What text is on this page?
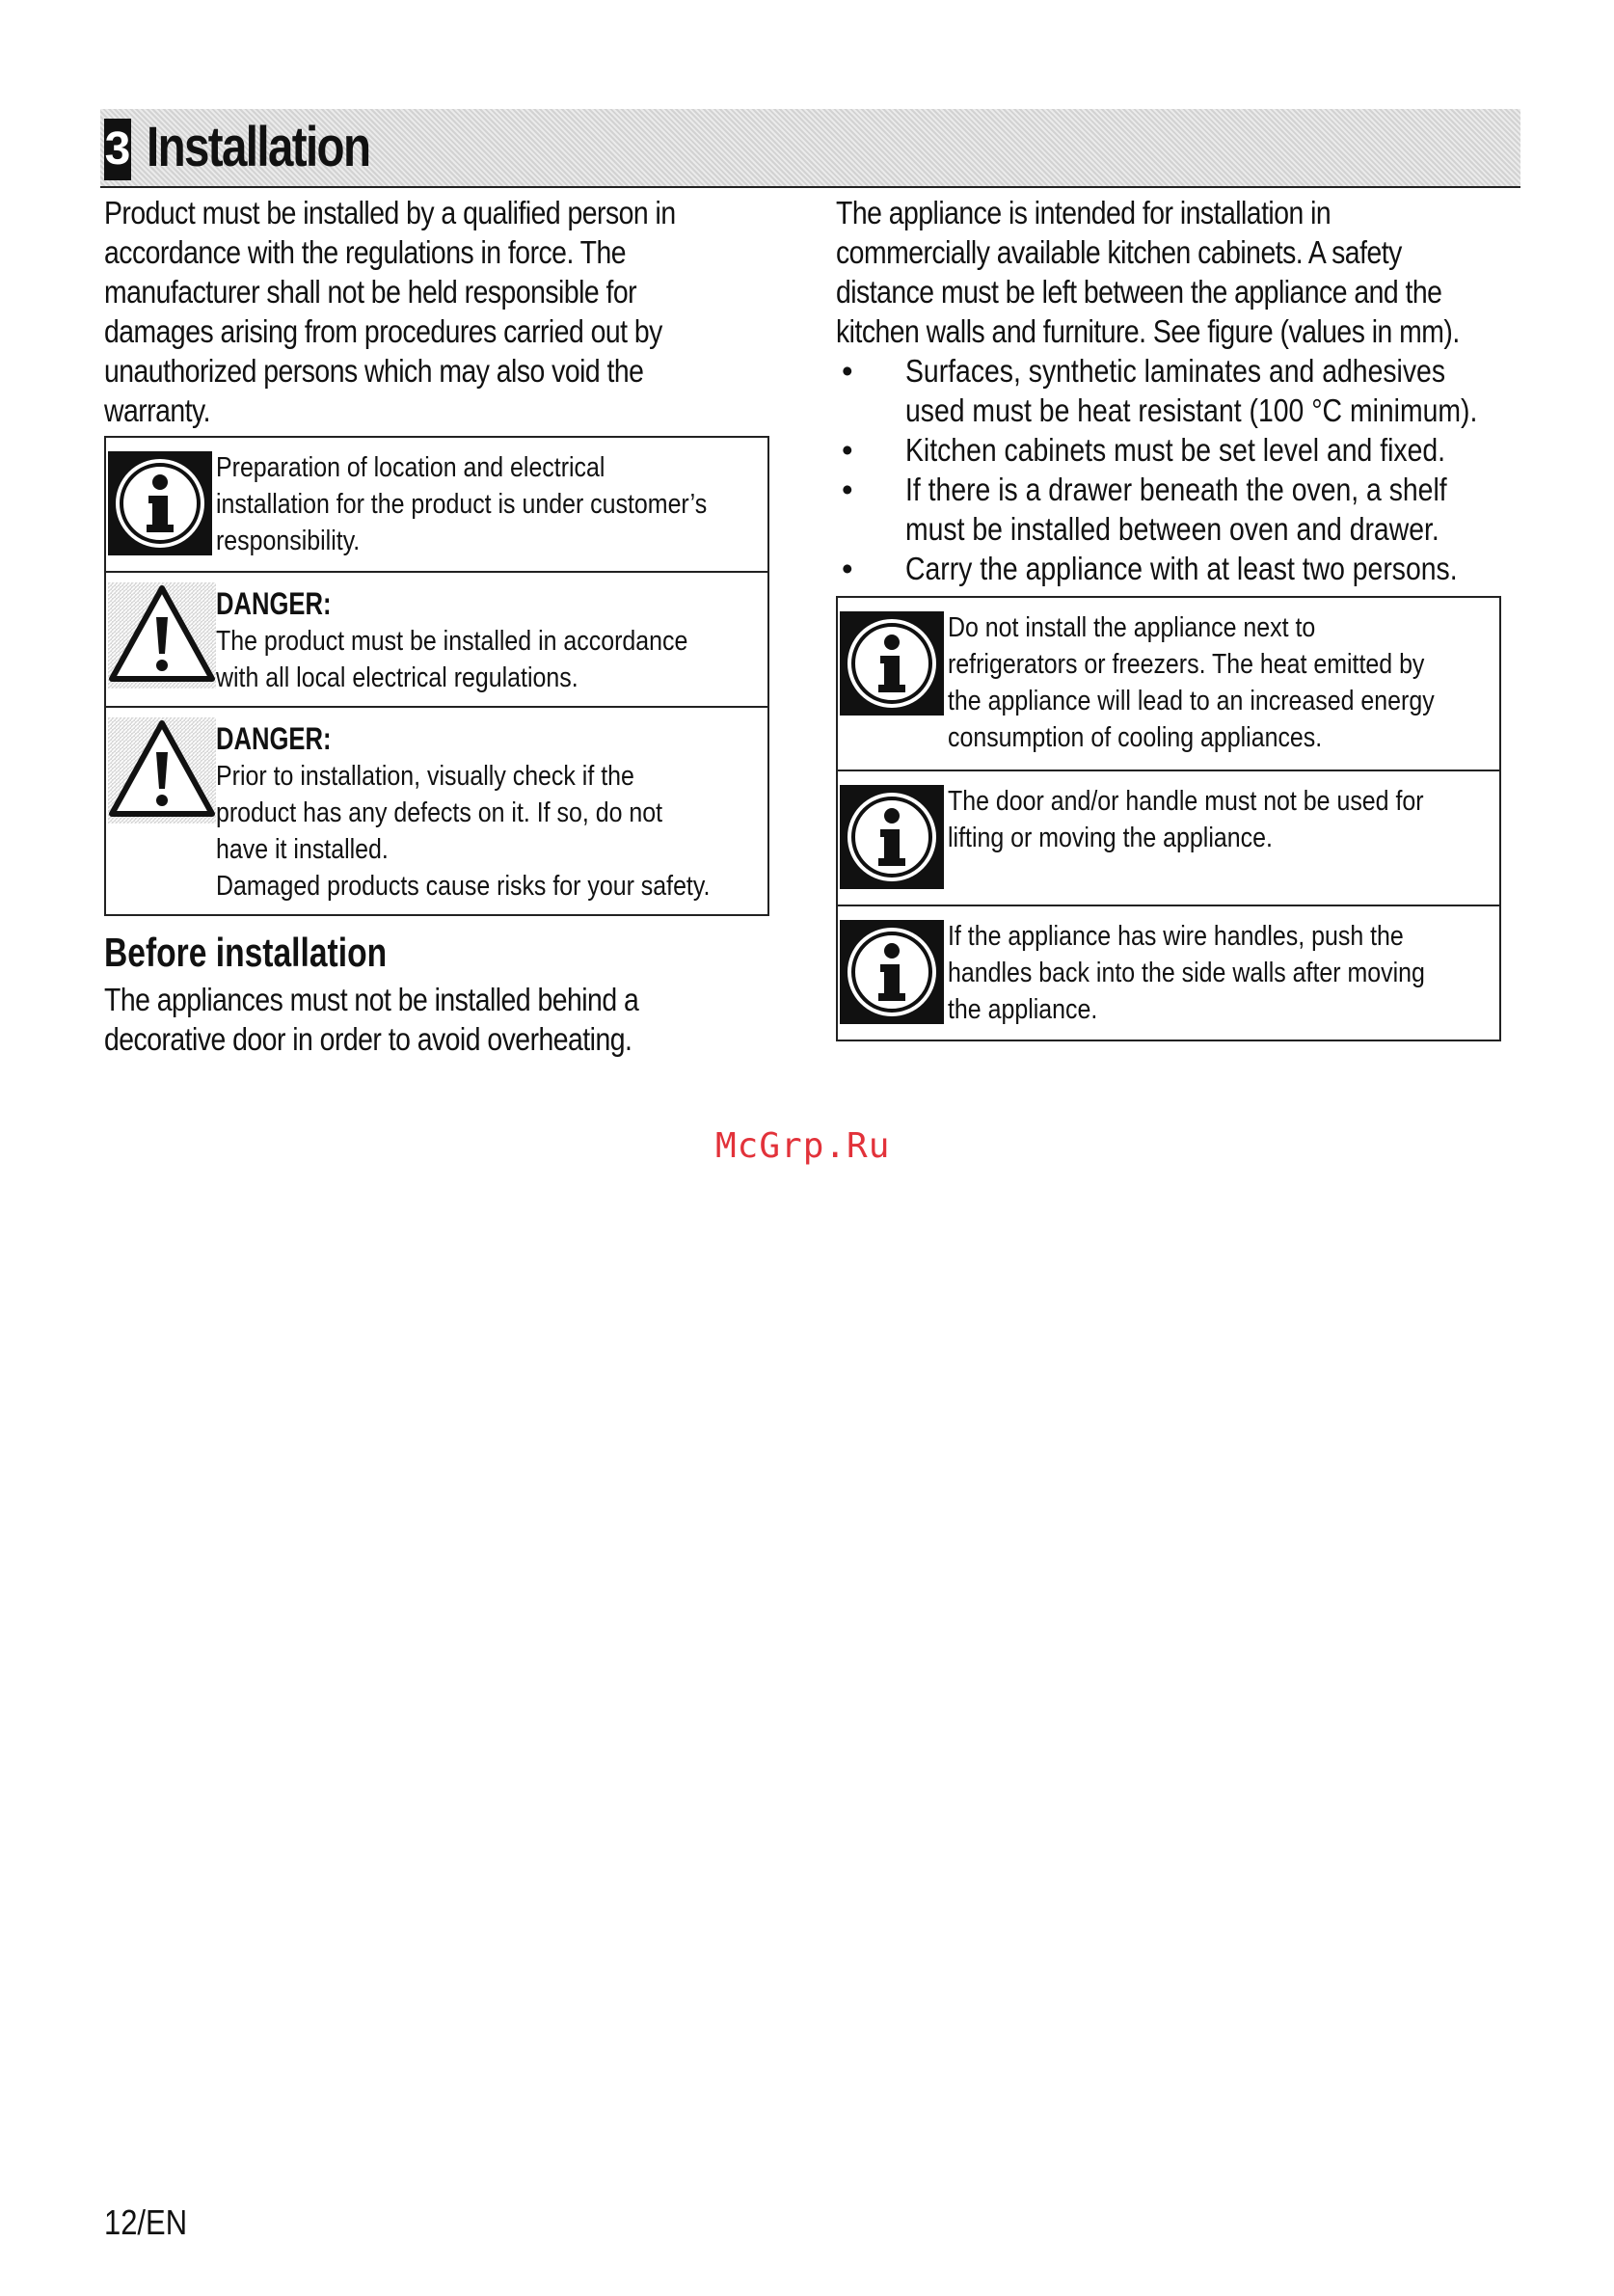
3 Installation

Product must be installed by a qualified person in
accordance with the regulations in force. The
manufacturer shall not be held responsible for
damages arising from procedures carried out by
unauthorized persons which may also void the
warranty.

Preparation of location and electrical
installation for the product is under customer’s
responsibility.
DANGER:
The product must be installed in accordance
with all local electrical regulations.
DANGER:
Prior to installation, visually check if the
product has any defects on it. If so, do not
have it installed.
Damaged products cause risks for your safety.
Before installation

The appliances must not be installed behind a
decorative door in order to avoid overheating.

The appliance is intended for installation in
commercially available kitchen cabinets. A safety
distance must be left between the appliance and the
kitchen walls and furniture. See figure (values in mm).

• Surfaces, synthetic laminates and adhesives
used must be heat resistant (100 °C minimum).
• Kitchen cabinets must be set level and fixed.
• If there is a drawer beneath the oven, a shelf
must be installed between oven and drawer.
• Carry the appliance with at least two persons.
Do not install the appliance next to
refrigerators or freezers. The heat emitted by
the appliance will lead to an increased energy
consumption of cooling appliances.
The door and/or handle must not be used for
lifting or moving the appliance.
If the appliance has wire handles, push the
handles back into the side walls after moving
the appliance.
McGrp.Ru
12/EN
